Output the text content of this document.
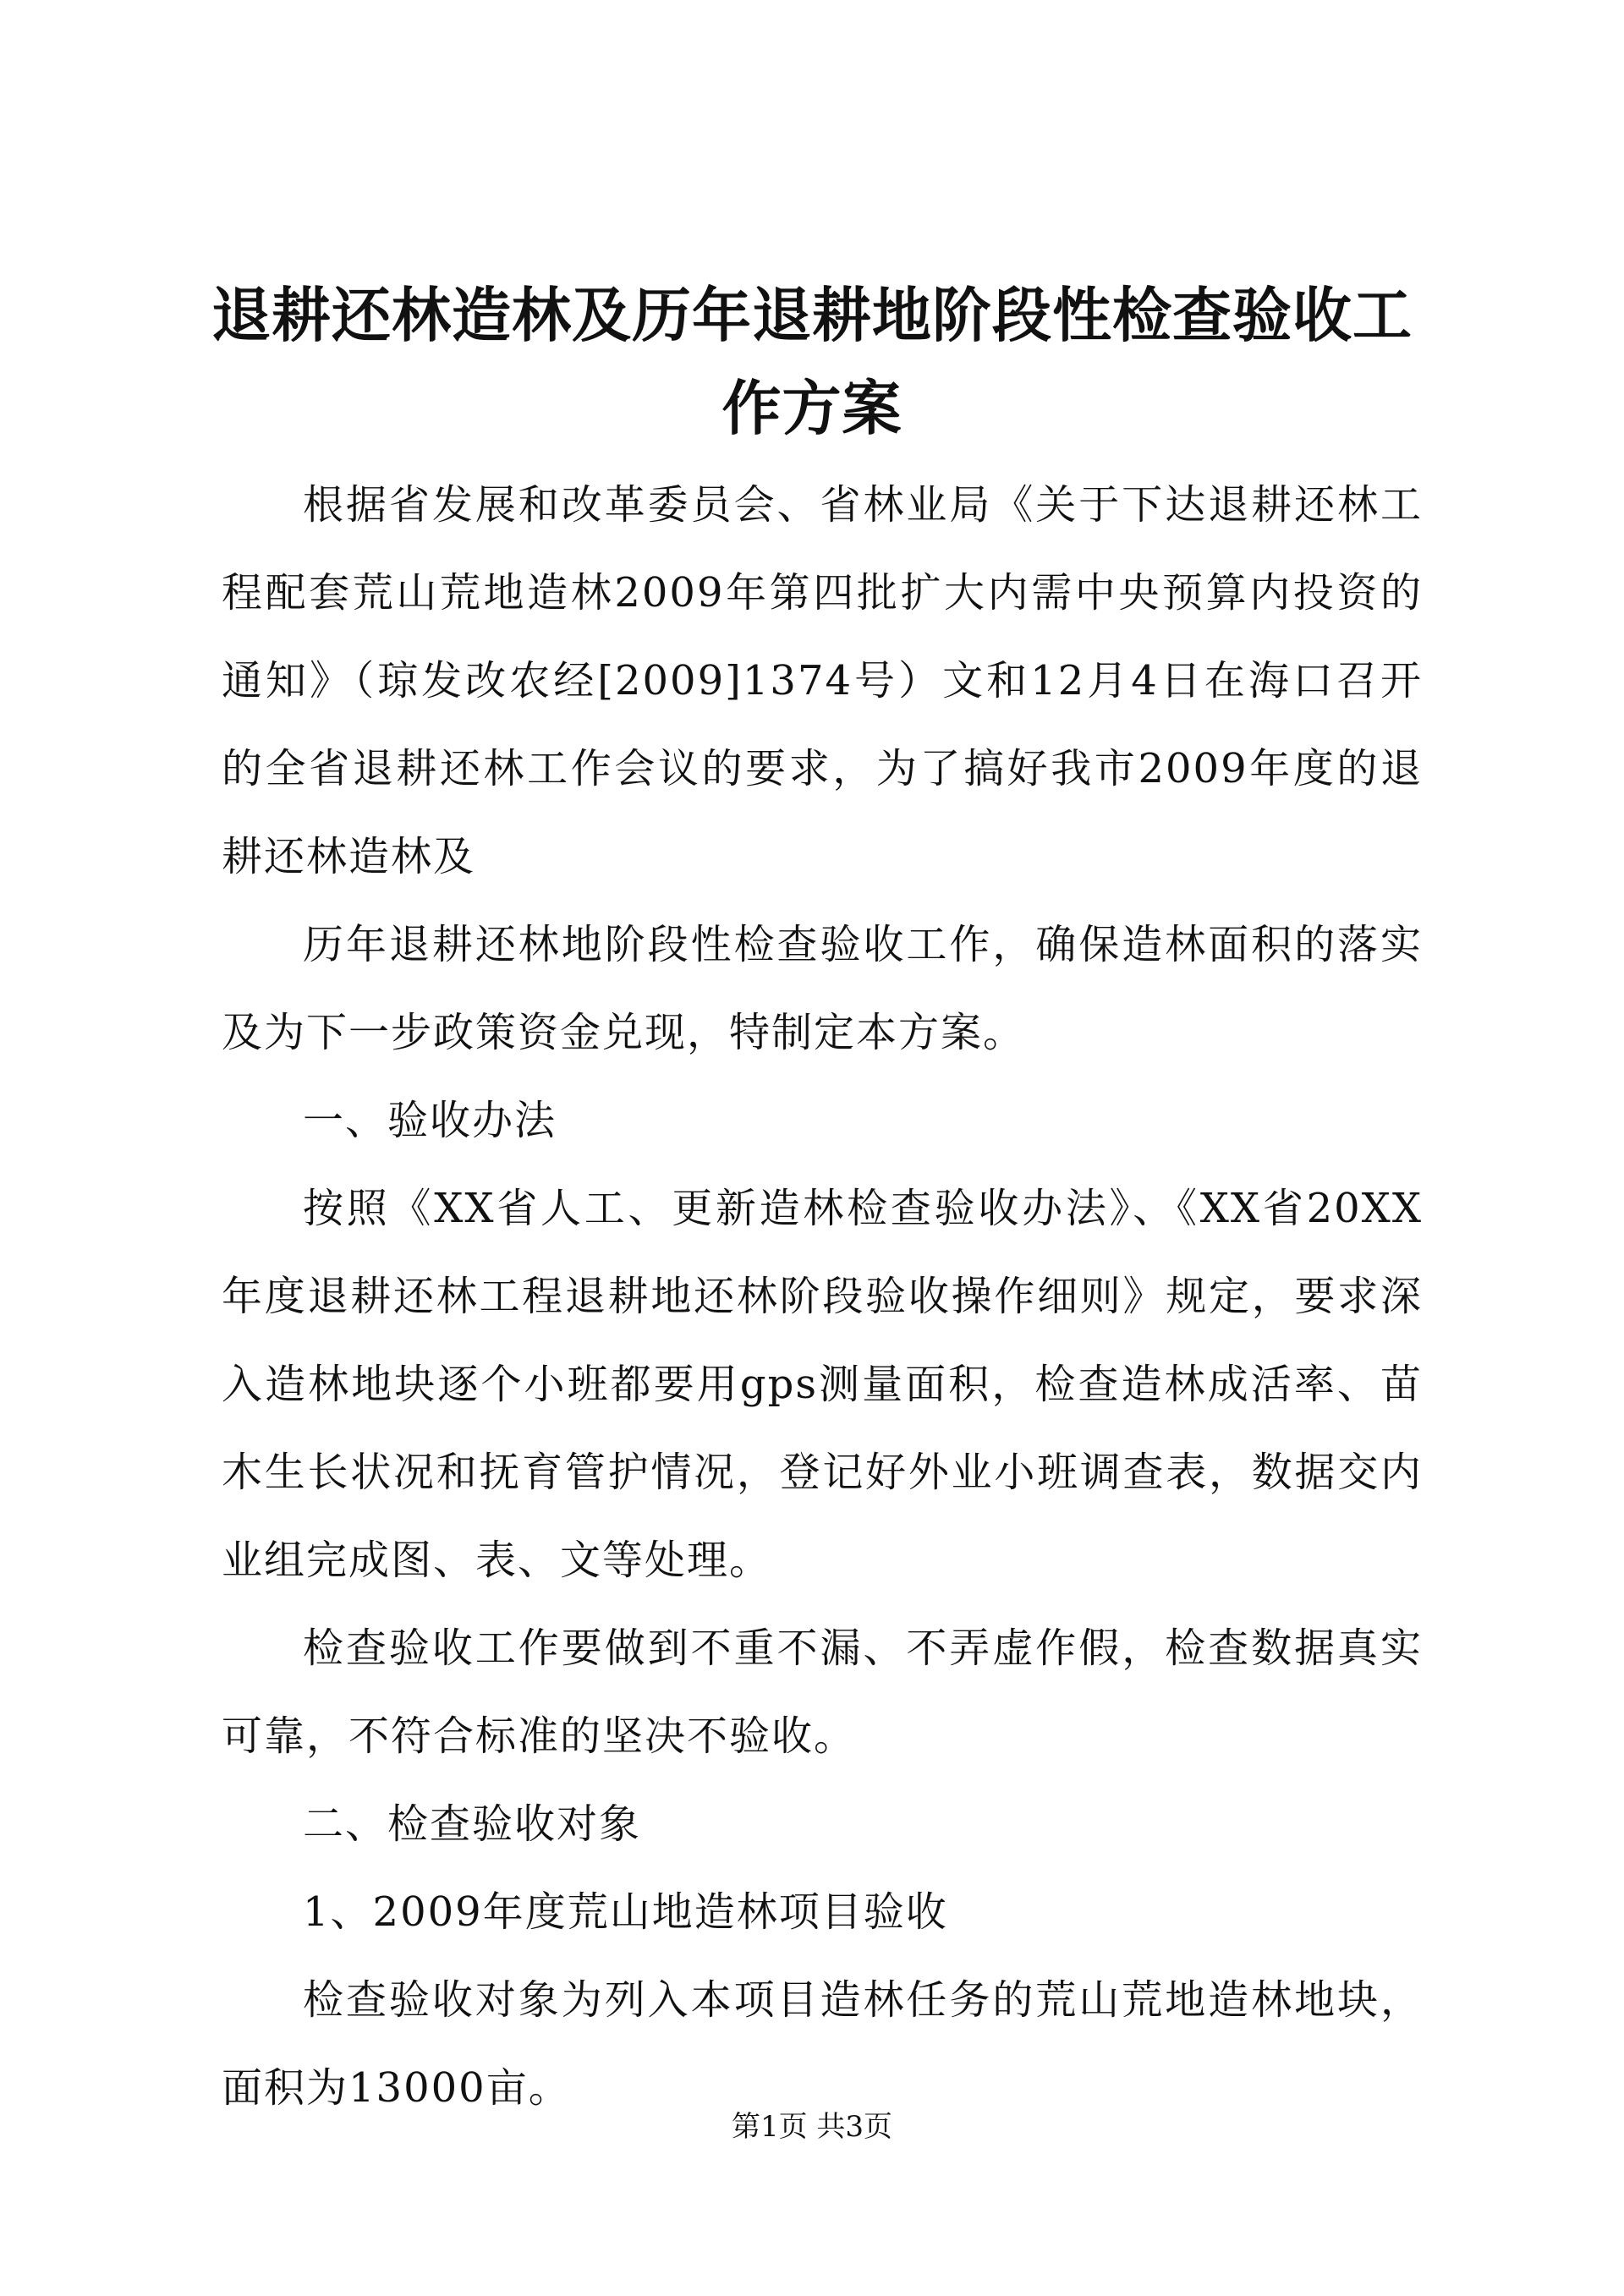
退耕还林造林及历年退耕地阶段性检查验收工作方案

根据省发展和改革委员会、省林业局《关于下达退耕还林工程配套荒山荒地造林2009年第四批扩大内需中央预算内投资的通知》（琼发改农经[2009]1374号）文和12月4日在海口召开的全省退耕还林工作会议的要求，为了搞好我市2009年度的退耕还林造林及

历年退耕还林地阶段性检查验收工作，确保造林面积的落实及为下一步政策资金兑现，特制定本方案。

一、验收办法

按照《XX省人工、更新造林检查验收办法》、《XX省20XX年度退耕还林工程退耕地还林阶段验收操作细则》规定，要求深入造林地块逐个小班都要用gps测量面积，检查造林成活率、苗木生长状况和抚育管护情况，登记好外业小班调查表，数据交内业组完成图、表、文等处理。

检查验收工作要做到不重不漏、不弄虚作假，检查数据真实可靠，不符合标准的坚决不验收。

二、检查验收对象

1、2009年度荒山地造林项目验收

检查验收对象为列入本项目造林任务的荒山荒地造林地块，面积为13000亩。

第1页 共3页
